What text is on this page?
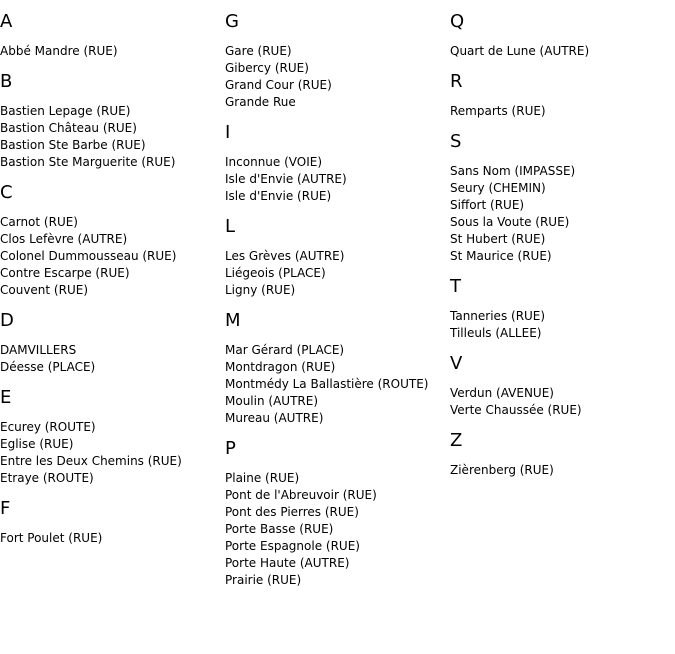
A
Abbé Mandre (RUE)
B
Bastien Lepage (RUE)
Bastion Château (RUE)
Bastion Ste Barbe (RUE)
Bastion Ste Marguerite (RUE)
C
Carnot (RUE)
Clos Lefèvre (AUTRE)
Colonel Dummousseau (RUE)
Contre Escarpe (RUE)
Couvent (RUE)
D
DAMVILLERS
Déesse (PLACE)
E
Ecurey (ROUTE)
Eglise (RUE)
Entre les Deux Chemins (RUE)
Etraye (ROUTE)
F
Fort Poulet (RUE)
G
Gare (RUE)
Gibercy (RUE)
Grand Cour (RUE)
Grande Rue
I
Inconnue (VOIE)
Isle d'Envie (AUTRE)
Isle d'Envie (RUE)
L
Les Grèves (AUTRE)
Liégeois (PLACE)
Ligny (RUE)
M
Mar Gérard (PLACE)
Montdragon (RUE)
Montmédy La Ballastière (ROUTE)
Moulin (AUTRE)
Mureau (AUTRE)
P
Plaine (RUE)
Pont de l'Abreuvoir (RUE)
Pont des Pierres (RUE)
Porte Basse (RUE)
Porte Espagnole (RUE)
Porte Haute (AUTRE)
Prairie (RUE)
Q
Quart de Lune (AUTRE)
R
Remparts (RUE)
S
Sans Nom (IMPASSE)
Seury (CHEMIN)
Siffort (RUE)
Sous la Voute (RUE)
St Hubert (RUE)
St Maurice (RUE)
T
Tanneries (RUE)
Tilleuls (ALLEE)
V
Verdun (AVENUE)
Verte Chaussée (RUE)
Z
Zièrenberg (RUE)
